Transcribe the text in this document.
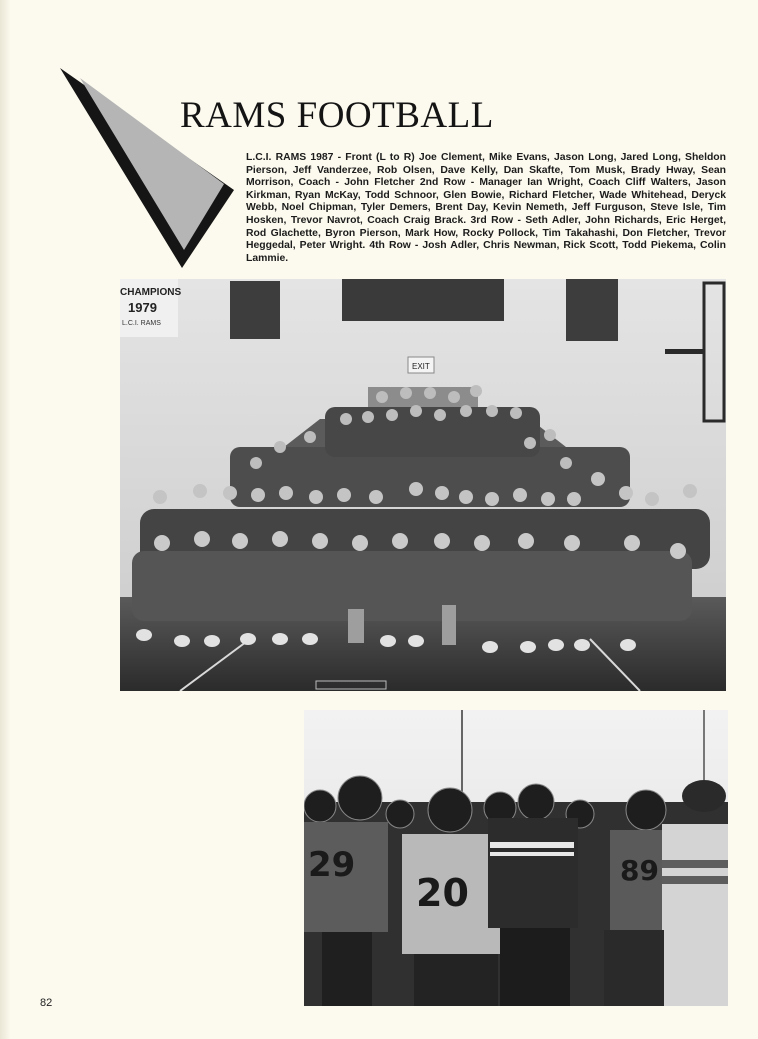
RAMS FOOTBALL
L.C.I. RAMS 1987 - Front (L to R) Joe Clement, Mike Evans, Jason Long, Jared Long, Sheldon Pierson, Jeff Vanderzee, Rob Olsen, Dave Kelly, Dan Skafte, Tom Musk, Brady Hway, Sean Morrison, Coach - John Fletcher 2nd Row - Manager Ian Wright, Coach Cliff Walters, Jason Kirkman, Ryan McKay, Todd Schnoor, Glen Bowie, Richard Fletcher, Wade Whitehead, Deryck Webb, Noel Chipman, Tyler Demers, Brent Day, Kevin Nemeth, Jeff Furguson, Steve Isle, Tim Hosken, Trevor Navrot, Coach Craig Brack. 3rd Row - Seth Adler, John Richards, Eric Herget, Rod Glachette, Byron Pierson, Mark How, Rocky Pollock, Tim Takahashi, Don Fletcher, Trevor Heggedal, Peter Wright. 4th Row - Josh Adler, Chris Newman, Rick Scott, Todd Piekema, Colin Lammie.
CHAMPIONS
1979
L.C.I. RAMS
EXIT
29
20
89
82
